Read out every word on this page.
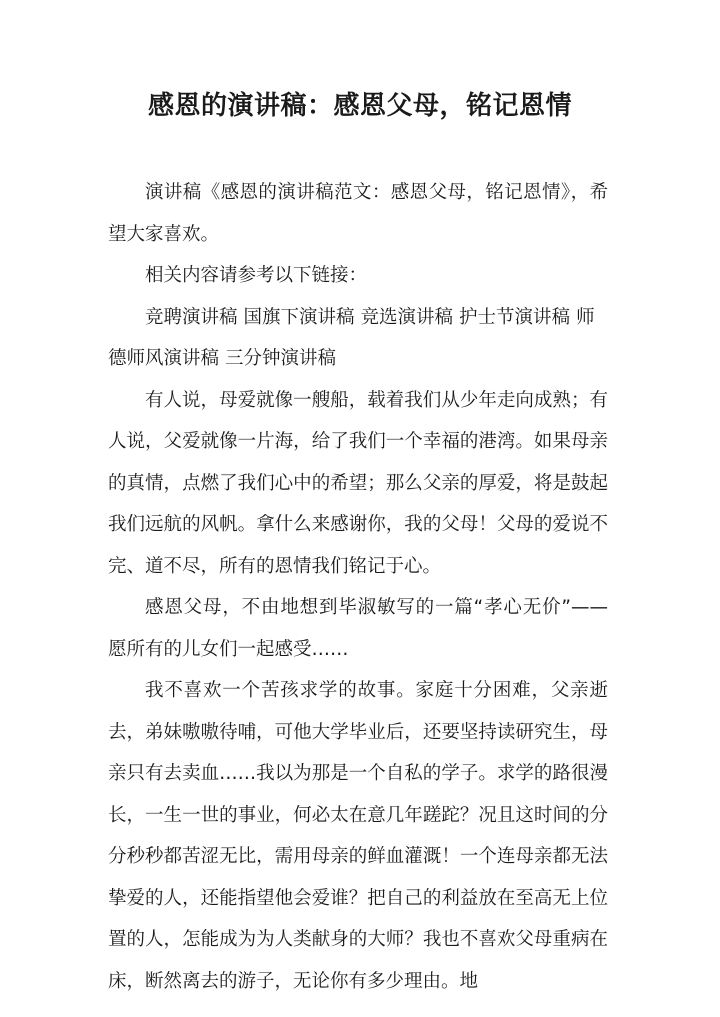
感恩的演讲稿：感恩父母，铭记恩情

演讲稿《感恩的演讲稿范文：感恩父母，铭记恩情》，希望大家喜欢。

相关内容请参考以下链接：

竞聘演讲稿 国旗下演讲稿 竞选演讲稿 护士节演讲稿 师德师风演讲稿 三分钟演讲稿

有人说，母爱就像一艘船，载着我们从少年走向成熟；有人说，父爱就像一片海，给了我们一个幸福的港湾。如果母亲的真情，点燃了我们心中的希望；那么父亲的厚爱，将是鼓起我们远航的风帆。拿什么来感谢你，我的父母！父母的爱说不完、道不尽，所有的恩情我们铭记于心。

感恩父母，不由地想到毕淑敏写的一篇“孝心无价”——愿所有的儿女们一起感受……

我不喜欢一个苦孩求学的故事。家庭十分困难，父亲逝去，弟妹嗷嗷待哺，可他大学毕业后，还要坚持读研究生，母亲只有去卖血……我以为那是一个自私的学子。求学的路很漫长，一生一世的事业，何必太在意几年蹉跎？况且这时间的分分秒秒都苦涩无比，需用母亲的鲜血灌溉！一个连母亲都无法挚爱的人，还能指望他会爱谁？把自己的利益放在至高无上位置的人，怎能成为为人类献身的大师？我也不喜欢父母重病在床，断然离去的游子，无论你有多少理由。地
